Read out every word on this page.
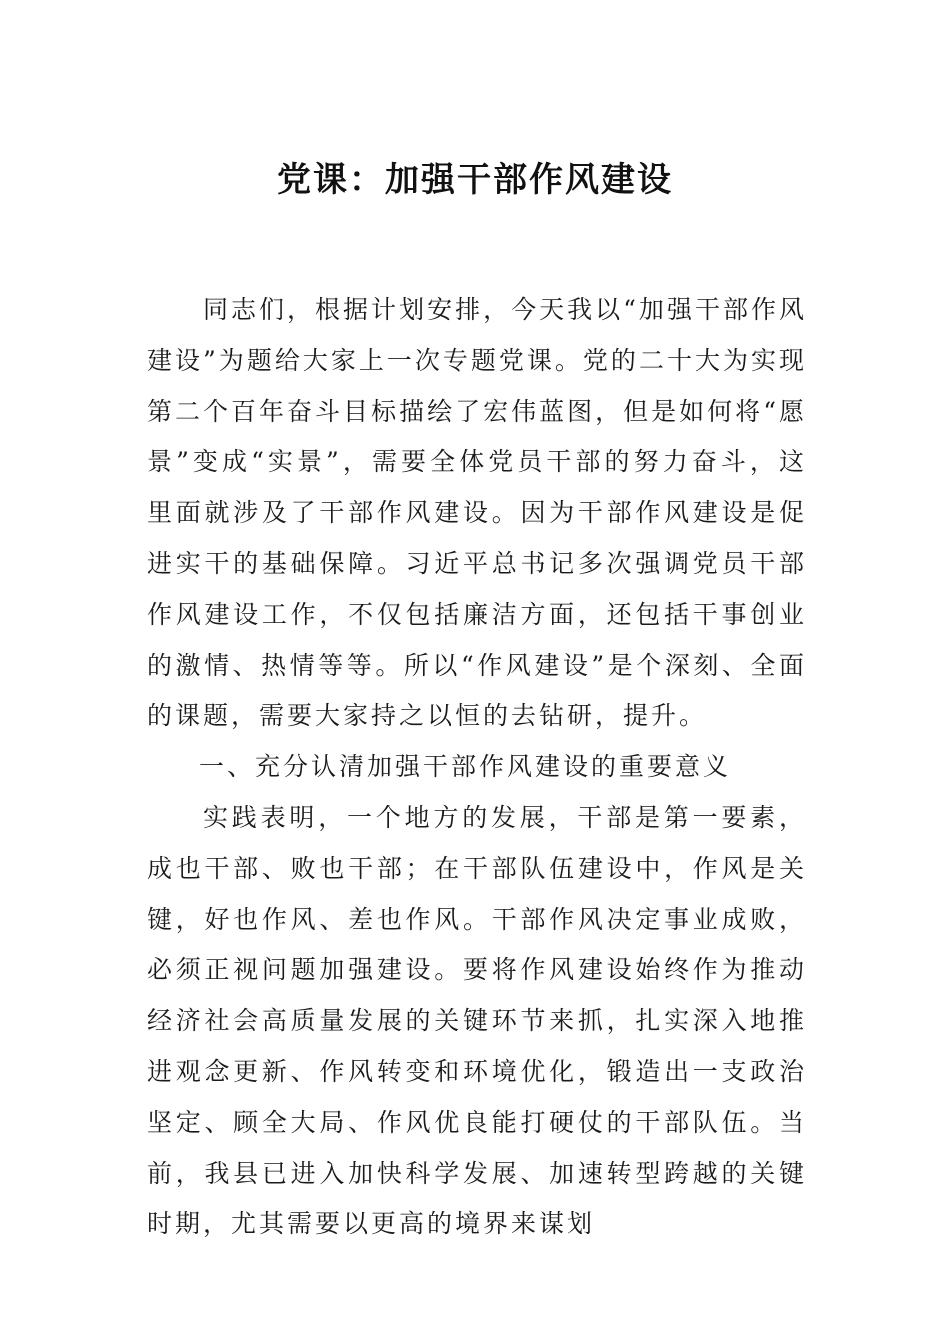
党课：加强干部作风建设

同志们，根据计划安排，今天我以“加强干部作风建设”为题给大家上一次专题党课。党的二十大为实现第二个百年奋斗目标描绘了宏伟蓝图，但是如何将“愿景”变成“实景”，需要全体党员干部的努力奋斗，这里面就涉及了干部作风建设。因为干部作风建设是促进实干的基础保障。习近平总书记多次强调党员干部作风建设工作，不仅包括廉洁方面，还包括干事创业的激情、热情等等。所以“作风建设”是个深刻、全面的课题，需要大家持之以恒的去钻研，提升。

一、充分认清加强干部作风建设的重要意义

实践表明，一个地方的发展，干部是第一要素，成也干部、败也干部；在干部队伍建设中，作风是关键，好也作风、差也作风。干部作风决定事业成败，必须正视问题加强建设。要将作风建设始终作为推动经济社会高质量发展的关键环节来抓，扎实深入地推进观念更新、作风转变和环境优化，锻造出一支政治坚定、顾全大局、作风优良能打硬仗的干部队伍。当前，我县已进入加快科学发展、加速转型跨越的关键时期，尤其需要以更高的境界来谋划
